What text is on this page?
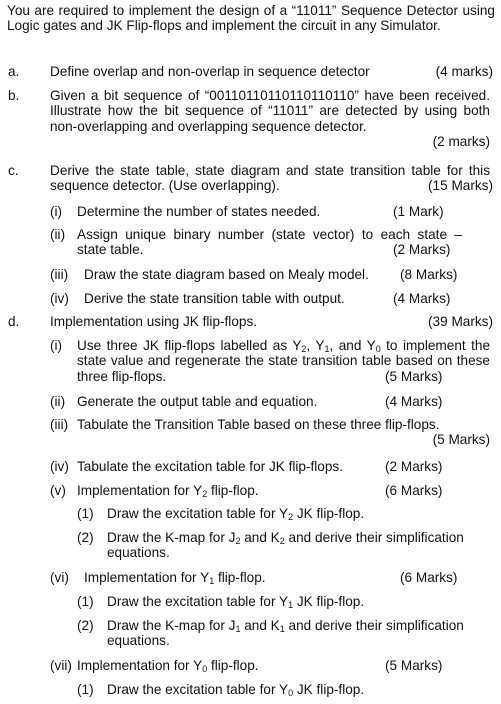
You are required to implement the design of a “11011” Sequence Detector using Logic gates and JK Flip-flops and implement the circuit in any Simulator.
a. Define overlap and non-overlap in sequence detector	(4 marks)
b. Given a bit sequence of “00110110110110110110” have been received. Illustrate how the bit sequence of “11011” are detected by using both non-overlapping and overlapping sequence detector.
(2 marks)
c. Derive the state table, state diagram and state transition table for this sequence detector. (Use overlapping).	(15 Marks)
(i) Determine the number of states needed.	(1 Mark)
(ii) Assign unique binary number (state vector) to each state – state table.	(2 Marks)
(iii) Draw the state diagram based on Mealy model. (8 Marks)
(iv) Derive the state transition table with output.	(4 Marks)
d. Implementation using JK flip-flops.	(39 Marks)
(i) Use three JK flip-flops labelled as $Y_2$, $Y_1$, and $Y_0$ to implement the state value and regenerate the state transition table based on these three flip-flops.	(5 Marks)
(ii) Generate the output table and equation.	(4 Marks)
(iii) Tabulate the Transition Table based on these three flip-flops.
(5 Marks)
(iv) Tabulate the excitation table for JK flip-flops.	(2 Marks)
(v) Implementation for $Y_2$ flip-flop.	(6 Marks)
(1) Draw the excitation table for $Y_2$ JK flip-flop.
(2) Draw the K-map for $J_2$ and $K_2$ and derive their simplification equations.
(vi) Implementation for $Y_1$ flip-flop.	(6 Marks)
(1) Draw the excitation table for $Y_1$ JK flip-flop.
(2) Draw the K-map for $J_1$ and $K_1$ and derive their simplification equations.
(vii) Implementation for $Y_0$ flip-flop.	(5 Marks)
(1) Draw the excitation table for $Y_0$ JK flip-flop.
